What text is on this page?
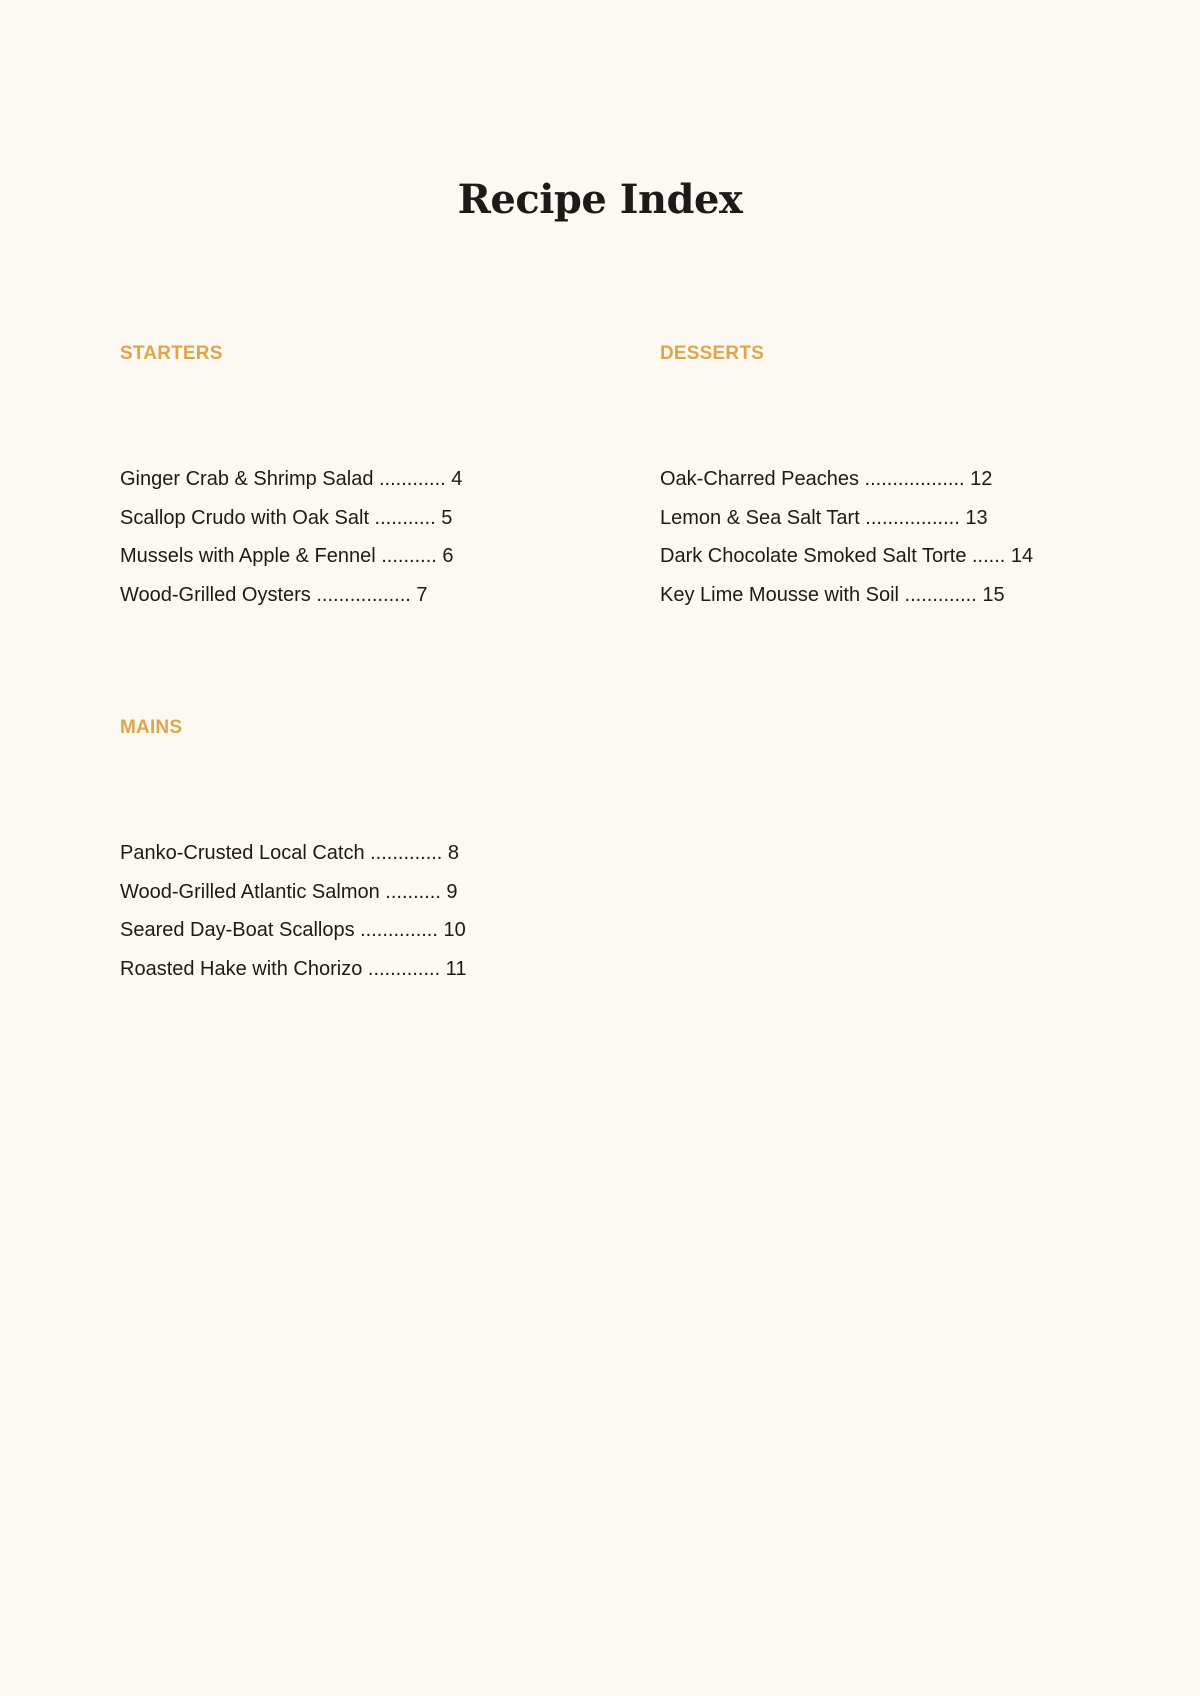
Recipe Index
STARTERS
Ginger Crab & Shrimp Salad ............ 4
Scallop Crudo with Oak Salt ........... 5
Mussels with Apple & Fennel .......... 6
Wood-Grilled Oysters ................. 7
DESSERTS
Oak-Charred Peaches .................. 12
Lemon & Sea Salt Tart ................. 13
Dark Chocolate Smoked Salt Torte ...... 14
Key Lime Mousse with Soil ............. 15
MAINS
Panko-Crusted Local Catch ............. 8
Wood-Grilled Atlantic Salmon .......... 9
Seared Day-Boat Scallops .............. 10
Roasted Hake with Chorizo ............. 11
